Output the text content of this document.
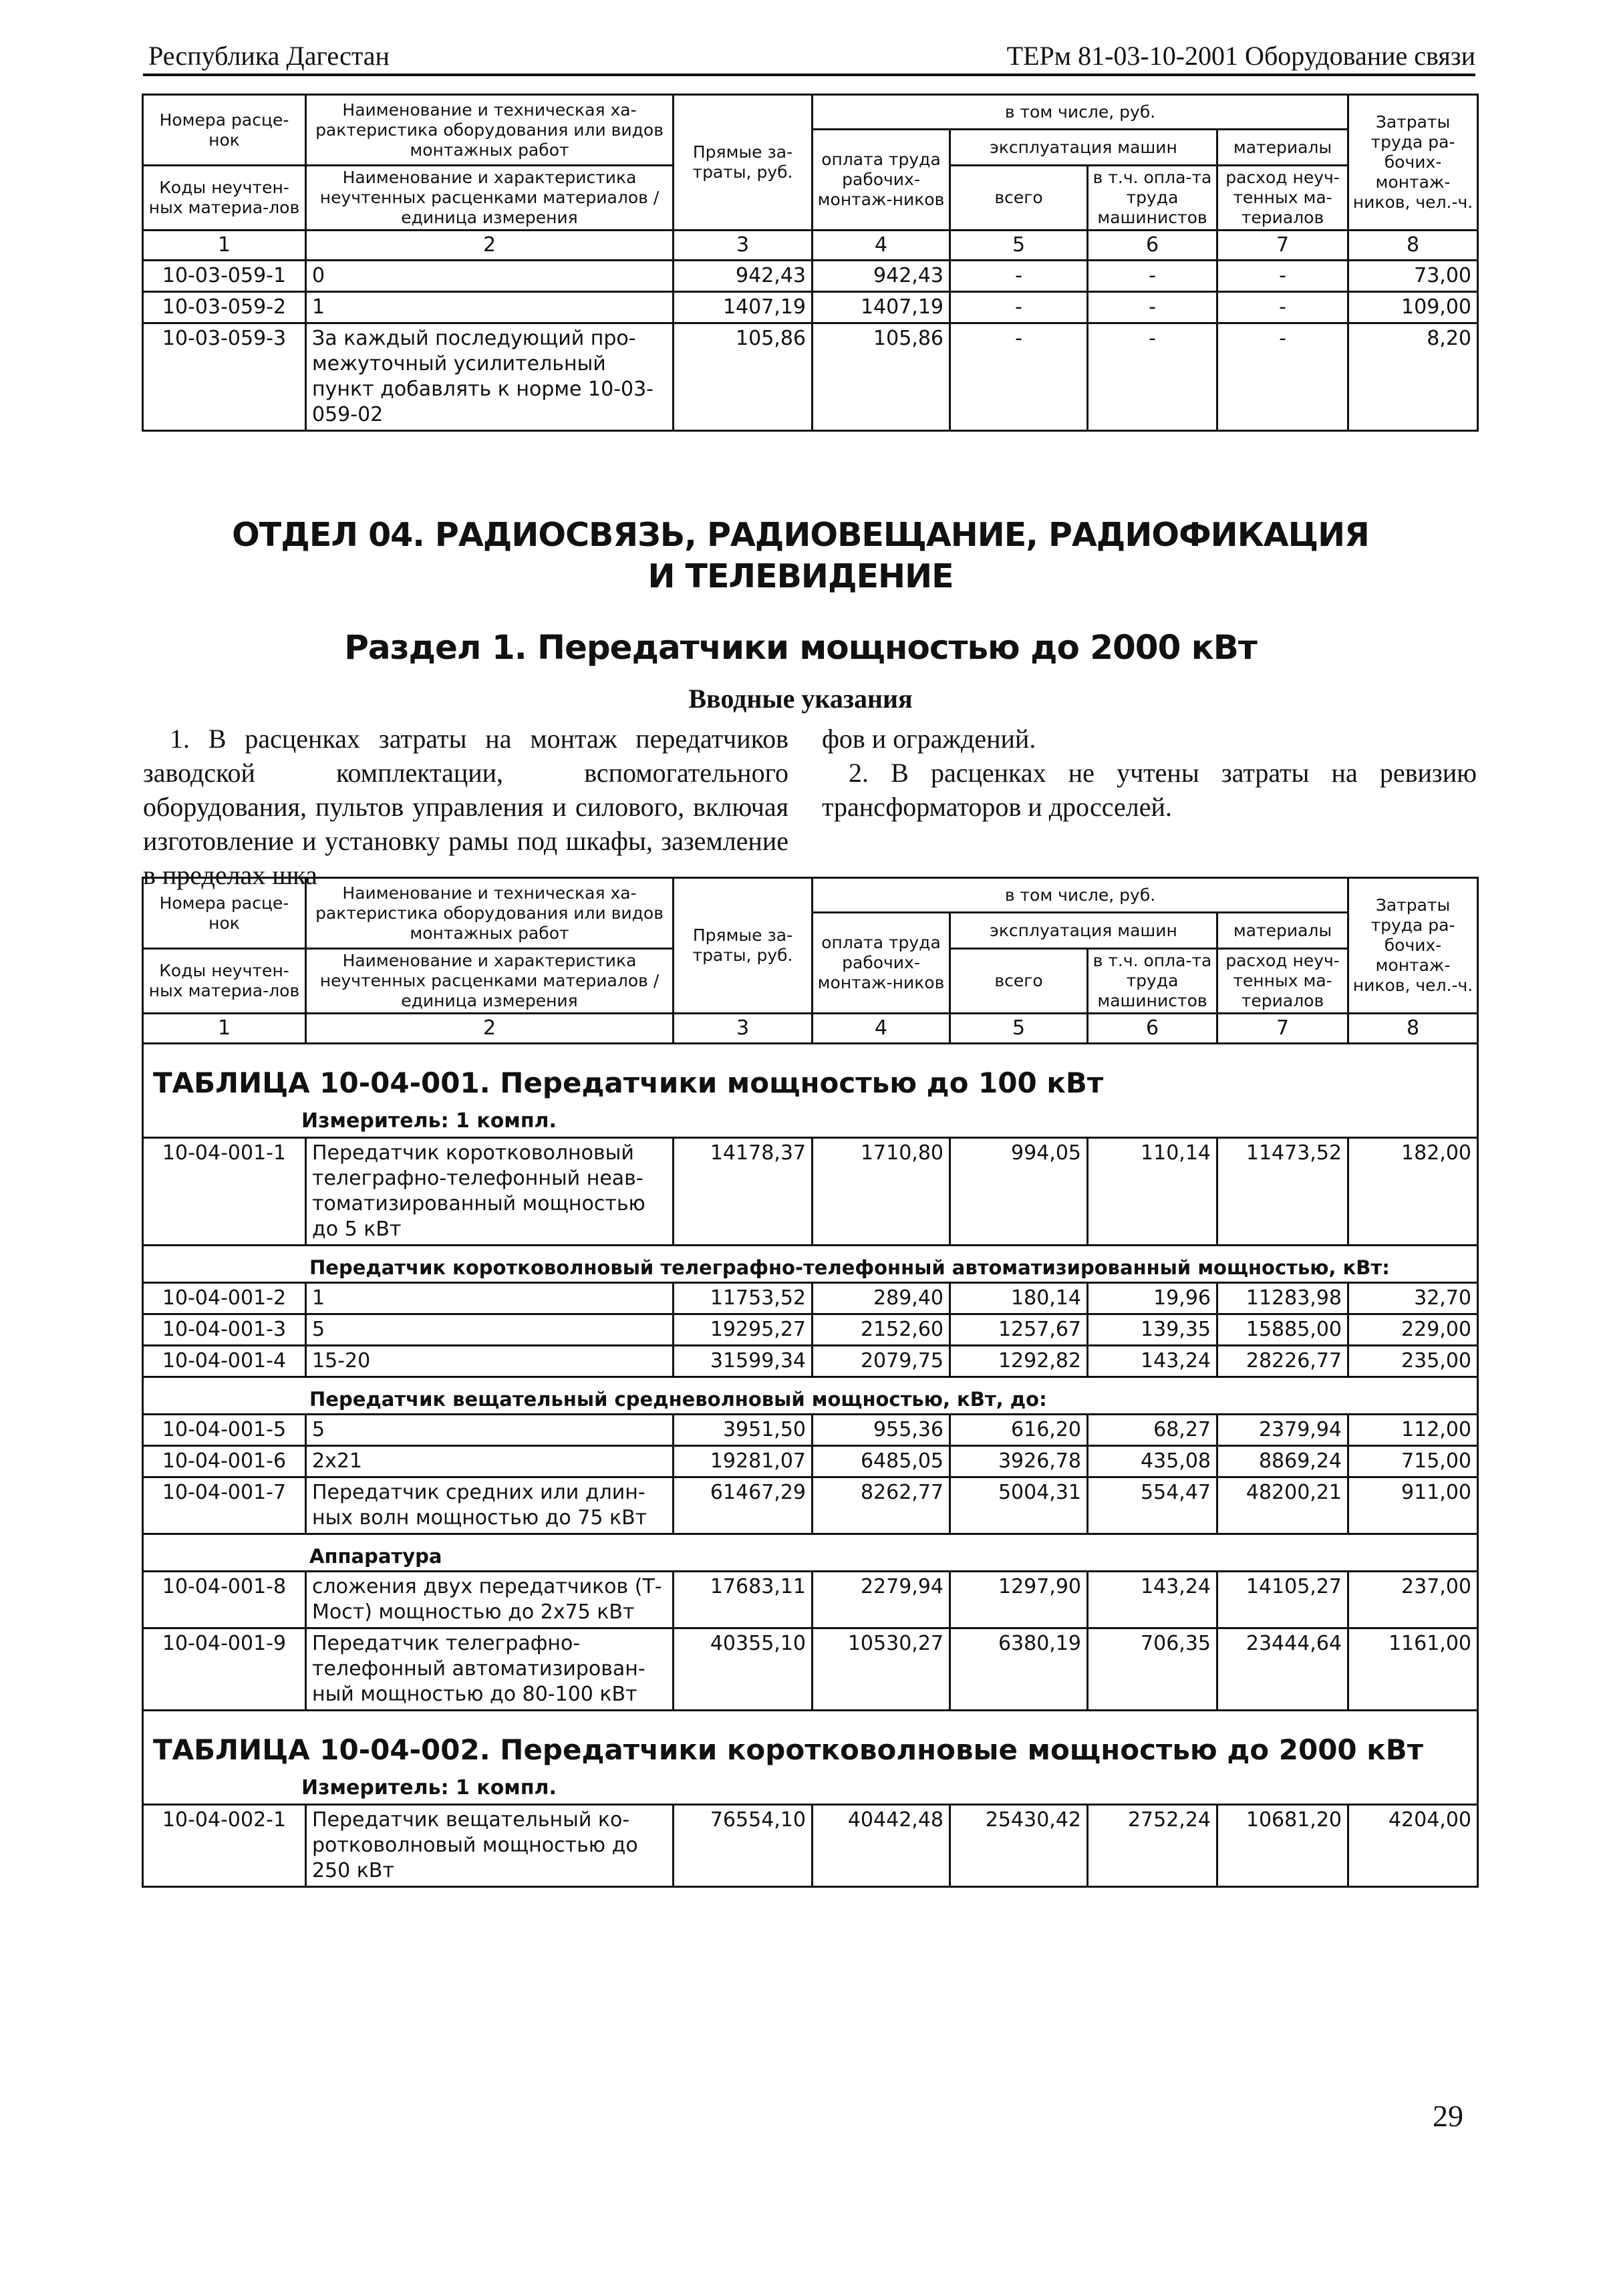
Республика Дагестан	ТЕРм 81-03-10-2001 Оборудование связи
Номера расце-нок	Наименование и техническая ха-рактеристика оборудования или видов монтажных работ	Прямые за-траты, руб.	в том числе, руб.				Затраты труда ра-бочих-монтаж-ников, чел.-ч.
			оплата труда рабочих-монтаж-ников	эксплуатация машин		материалы	
Коды неучтен-ных материа-лов	Наименование и характеристика неучтенных расценками материалов / единица измерения			всего	в т.ч. опла-та труда машинистов	расход неуч-тенных ма-териалов	

1	2	3	4	5	6	7	8
10-03-059-1	0	942,43	942,43	-	-	-	73,00
10-03-059-2	1	1407,19	1407,19	-	-	-	109,00
10-03-059-3	За каждый последующий про-межуточный усилительный пункт добавлять к норме 10-03-059-02	105,86	105,86	-	-	-	8,20
ОТДЕЛ 04. РАДИОСВЯЗЬ, РАДИОВЕЩАНИЕ, РАДИОФИКАЦИЯ
И ТЕЛЕВИДЕНИЕ
Раздел 1. Передатчики мощностью до 2000 кВт
Вводные указания
1. В расценках затраты на монтаж передатчиков заводской комплектации, вспомогательного оборудования, пультов управления и силового, включая изготовление и установку рамы под шкафы, заземление в пределах шка-
фов и ограждений.
2. В расценках не учтены затраты на ревизию трансформаторов и дросселей.
Номера расце-нок	Наименование и техническая ха-рактеристика оборудования или видов монтажных работ	Прямые за-траты, руб.	в том числе, руб.				Затраты труда ра-бочих-монтаж-ников, чел.-ч.
			оплата труда рабочих-монтаж-ников	эксплуатация машин		материалы	
Коды неучтен-ных материа-лов	Наименование и характеристика неучтенных расценками материалов / единица измерения			всего	в т.ч. опла-та труда машинистов	расход неуч-тенных ма-териалов	

1	2	3	4	5	6	7	8

ТАБЛИЦА 10-04-001. Передатчики мощностью до 100 кВт							

Измеритель: 1 компл.							

10-04-001-1	Передатчик коротковолновый телеграфно-телефонный неав-томатизированный мощностью до 5 кВт	14178,37	1710,80	994,05	110,14	11473,52	182,00
Передатчик коротковолновый телеграфно-телефонный автоматизированный мощностью, кВт:							
10-04-001-2	1	11753,52	289,40	180,14	19,96	11283,98	32,70
10-04-001-3	5	19295,27	2152,60	1257,67	139,35	15885,00	229,00
10-04-001-4	15-20	31599,34	2079,75	1292,82	143,24	28226,77	235,00
Передатчик вещательный средневолновый мощностью, кВт, до:							
10-04-001-5	5	3951,50	955,36	616,20	68,27	2379,94	112,00
10-04-001-6	2x21	19281,07	6485,05	3926,78	435,08	8869,24	715,00
10-04-001-7	Передатчик средних или длин-ных волн мощностью до 75 кВт	61467,29	8262,77	5004,31	554,47	48200,21	911,00
Аппаратура							
10-04-001-8	сложения двух передатчиков (Т-Мост) мощностью до 2x75 кВт	17683,11	2279,94	1297,90	143,24	14105,27	237,00
10-04-001-9	Передатчик телеграфно-телефонный автоматизирован-ный мощностью до 80-100 кВт	40355,10	10530,27	6380,19	706,35	23444,64	1161,00

ТАБЛИЦА 10-04-002. Передатчики коротковолновые мощностью до 2000 кВт							

Измеритель: 1 компл.							

10-04-002-1	Передатчик вещательный ко-ротковолновый мощностью до 250 кВт	76554,10	40442,48	25430,42	2752,24	10681,20	4204,00
29
